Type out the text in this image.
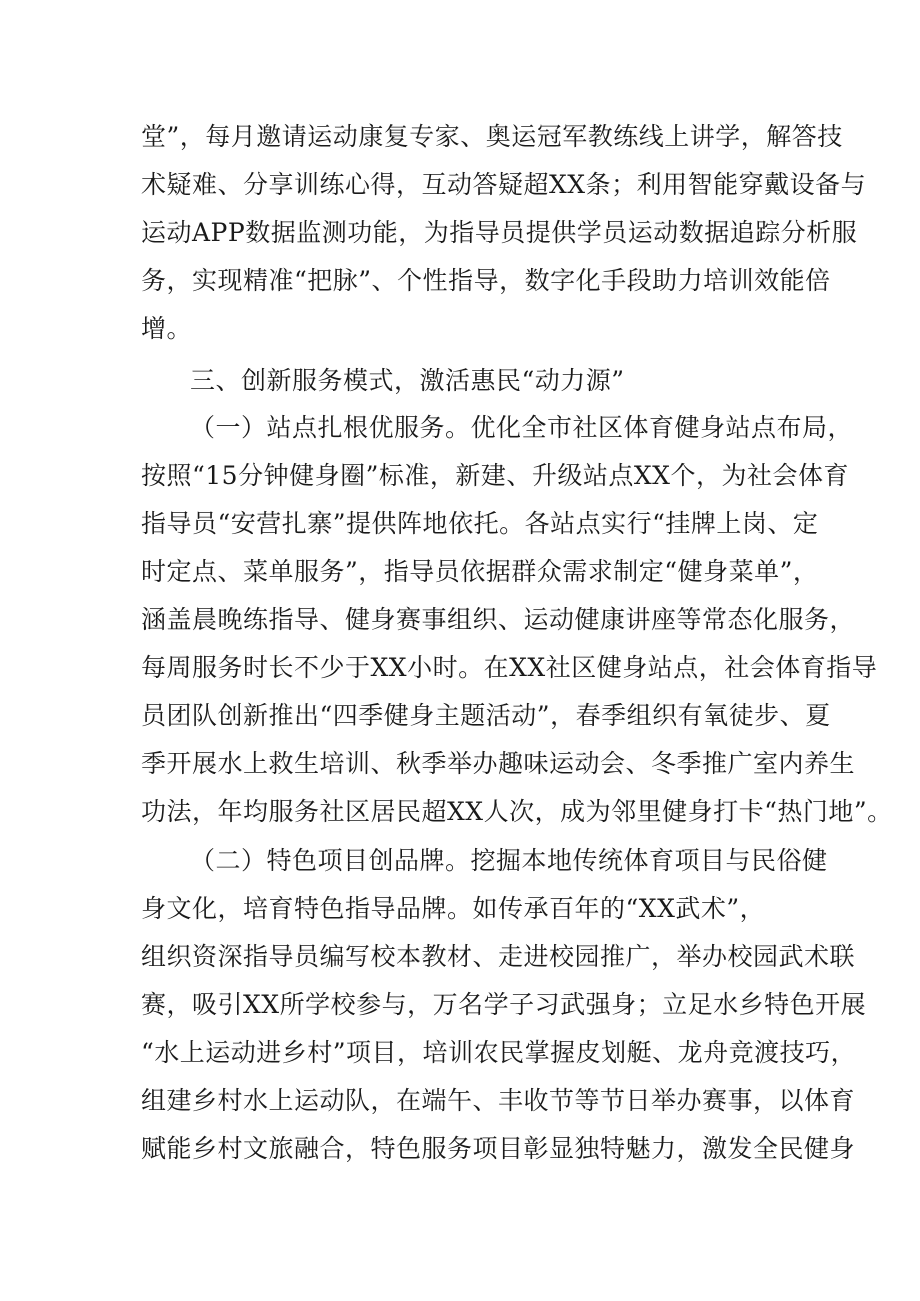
堂”，每月邀请运动康复专家、奥运冠军教练线上讲学，解答技
术疑难、分享训练心得，互动答疑超XX条；利用智能穿戴设备与
运动APP数据监测功能，为指导员提供学员运动数据追踪分析服
务，实现精准“把脉”、个性指导，数字化手段助力培训效能倍
增。
三、创新服务模式，激活惠民“动力源”
（一）站点扎根优服务。优化全市社区体育健身站点布局，
按照“15分钟健身圈”标准，新建、升级站点XX个，为社会体育
指导员“安营扎寨”提供阵地依托。各站点实行“挂牌上岗、定
时定点、菜单服务”，指导员依据群众需求制定“健身菜单”，
涵盖晨晚练指导、健身赛事组织、运动健康讲座等常态化服务，
每周服务时长不少于XX小时。在XX社区健身站点，社会体育指导
员团队创新推出“四季健身主题活动”，春季组织有氧徒步、夏
季开展水上救生培训、秋季举办趣味运动会、冬季推广室内养生
功法，年均服务社区居民超XX人次，成为邻里健身打卡“热门地”。
（二）特色项目创品牌。挖掘本地传统体育项目与民俗健
身文化，培育特色指导品牌。如传承百年的“XX武术”，
组织资深指导员编写校本教材、走进校园推广，举办校园武术联
赛，吸引XX所学校参与，万名学子习武强身；立足水乡特色开展
“水上运动进乡村”项目，培训农民掌握皮划艇、龙舟竞渡技巧，
组建乡村水上运动队，在端午、丰收节等节日举办赛事，以体育
赋能乡村文旅融合，特色服务项目彰显独特魅力，激发全民健身
